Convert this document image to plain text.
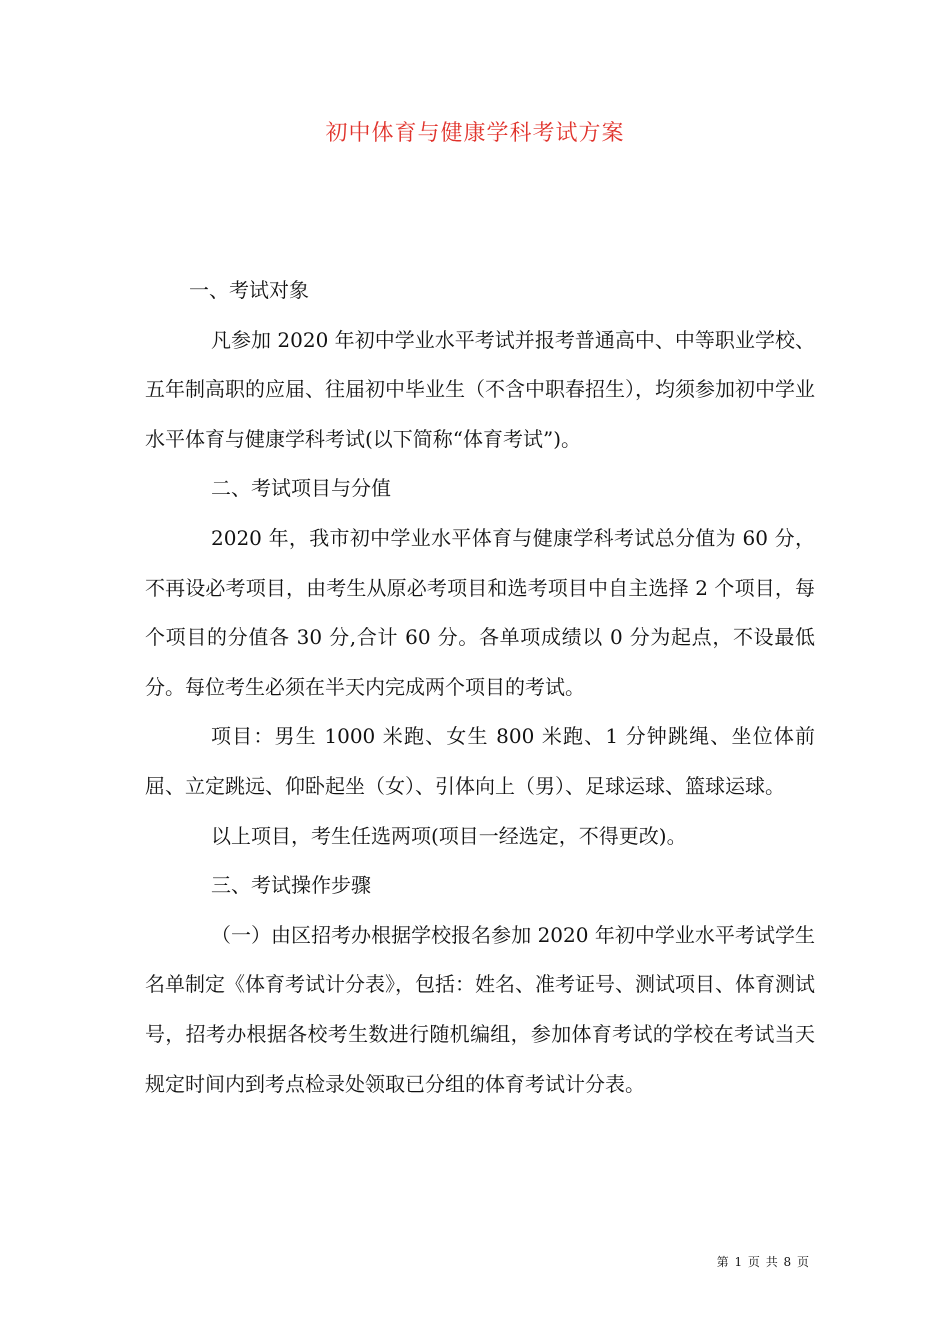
初中体育与健康学科考试方案

一、考试对象

凡参加 2020 年初中学业水平考试并报考普通高中、中等职业学校、五年制高职的应届、往届初中毕业生（不含中职春招生），均须参加初中学业水平体育与健康学科考试(以下简称“体育考试”)。

二、考试项目与分值

2020 年，我市初中学业水平体育与健康学科考试总分值为 60 分，不再设必考项目，由考生从原必考项目和选考项目中自主选择 2 个项目，每个项目的分值各 30 分,合计 60 分。各单项成绩以 0 分为起点，不设最低分。每位考生必须在半天内完成两个项目的考试。

项目：男生 1000 米跑、女生 800 米跑、1 分钟跳绳、坐位体前屈、立定跳远、仰卧起坐（女）、引体向上（男）、足球运球、篮球运球。

以上项目，考生任选两项(项目一经选定，不得更改)。

三、考试操作步骤

（一）由区招考办根据学校报名参加 2020 年初中学业水平考试学生名单制定《体育考试计分表》，包括：姓名、准考证号、测试项目、体育测试号，招考办根据各校考生数进行随机编组，参加体育考试的学校在考试当天规定时间内到考点检录处领取已分组的体育考试计分表。

第 1 页 共 8 页
